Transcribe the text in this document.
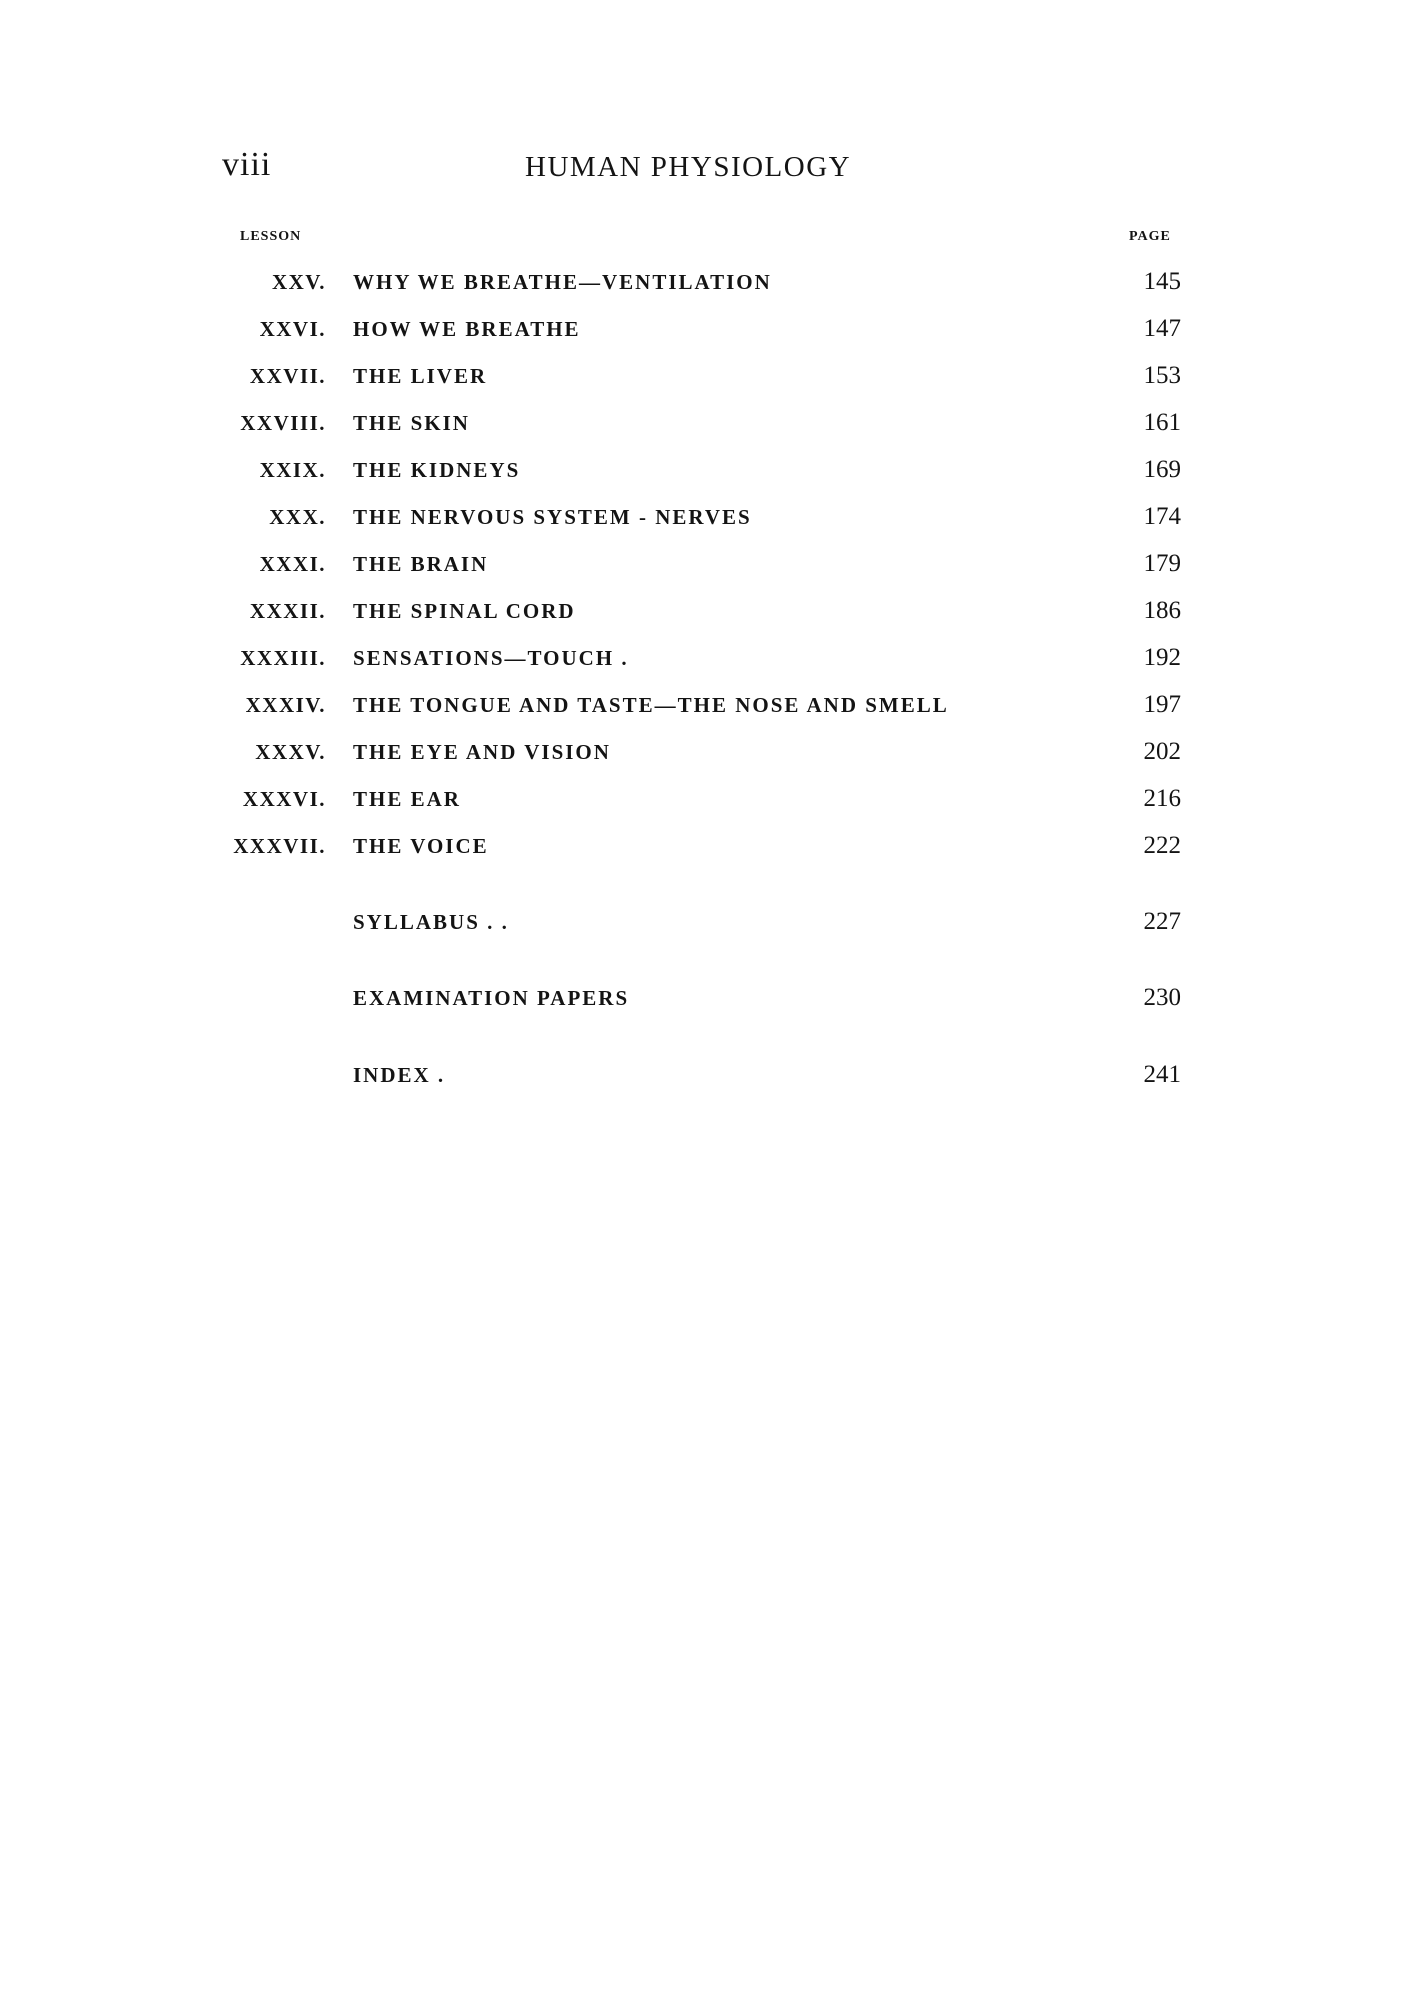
viii	HUMAN PHYSIOLOGY
LESSON	PAGE
XXV. WHY WE BREATHE—VENTILATION	145
XXVI. HOW WE BREATHE	147
XXVII. THE LIVER	153
XXVIII. THE SKIN	161
XXIX. THE KIDNEYS	169
XXX. THE NERVOUS SYSTEM - NERVES	174
XXXI. THE BRAIN	179
XXXII. THE SPINAL CORD	186
XXXIII. SENSATIONS—TOUCH .	192
XXXIV. THE TONGUE AND TASTE—THE NOSE AND SMELL	197
XXXV. THE EYE AND VISION	202
XXXVI. THE EAR	216
XXXVII. THE VOICE	222
SYLLABUS . .	227
EXAMINATION PAPERS	230
INDEX .	241
